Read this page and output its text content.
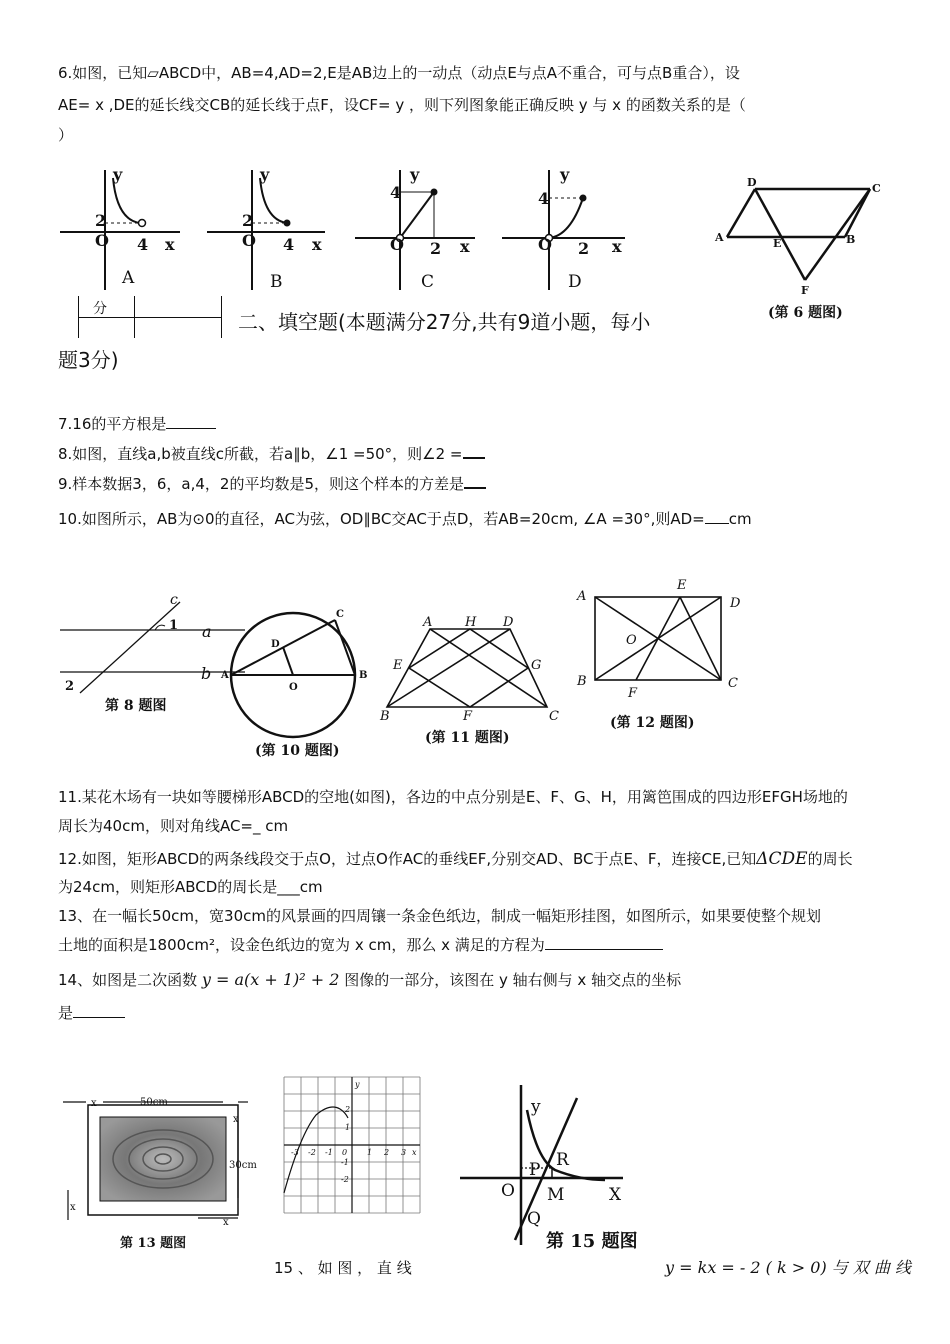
6.如图，已知▱ABCD中，AB=4,AD=2,E是AB边上的一动点（动点E与点A不重合，可与点B重合），设
AE= x ,DE的延长线交CB的延长线于点F，设CF= y ，则下列图象能正确反映 y 与 x 的函数关系的是（
）
y
x
2
4
O
y
x
2
4
O
y
x
4
2
O
y
x
4
2
O
A	B	C	D
D	C
A	E	B
F
(第 6 题图)
分
二、填空题(本题满分27分,共有9道小题，每小
题3分)
7.16的平方根是
8.如图，直线a,b被直线c所截，若a∥b，∠1 =50°，则∠2 =
9.样本数据3，6，a,4，2的平均数是5，则这个样本的方差是
10.如图所示，AB为⊙0的直径，AC为弦，OD∥BC交AC于点D，若AB=20cm, ∠A =30°,则AD= cm
c
a
b
1
2
第 8 题图
C
D
A
O
B
(第 10 题图)
A	H D
E	G
B	F	C
(第 11 题图)
A
E
D
O
B
F
C
(第 12 题图)
11.某花木场有一块如等腰梯形ABCD的空地(如图)，各边的中点分别是E、F、G、H，用篱笆围成的四边形EFGH场地的
周长为40cm，则对角线AC=_ cm
12.如图，矩形ABCD的两条线段交于点O，过点O作AC的垂线EF,分别交AD、BC于点E、F，连接CE,已知ΔCDE的周长
为24cm，则矩形ABCD的周长是___cm
13、在一幅长50cm，宽30cm的风景画的四周镶一条金色纸边，制成一幅矩形挂图，如图所示，如果要使整个规划
土地的面积是1800cm²，设金色纸边的宽为 x cm，那么 x 满足的方程为
14、如图是二次函数 y = a(x + 1)² + 2 图像的一部分，该图在 y 轴右侧与 x 轴交点的坐标
是
x	50cm
x
30cm
x
x
第 13 题图
-3 -2 -1 0 1 2 3 x
y
2
1
-1
-2
y
R
P
O M	X
Q
第 15 题图
15 、 如 图 ， 直 线	y = kx = - 2 ( k > 0) 与 双 曲 线
